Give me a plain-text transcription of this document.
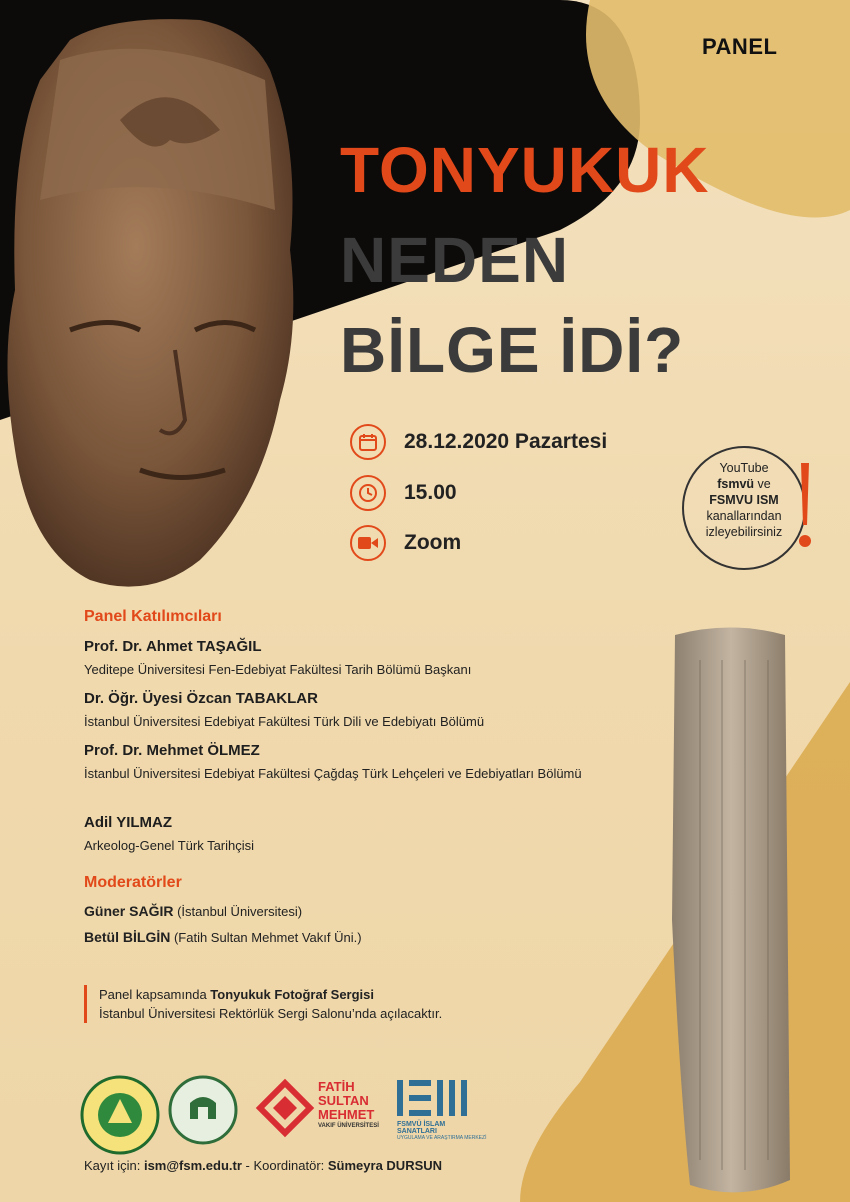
PANEL
TONYUKUK
NEDEN
BİLGE İDİ?
28.12.2020 Pazartesi
15.00
Zoom
YouTube
fsmvü ve
FSMVU ISM
kanallarından
izleyebilirsiniz
Panel Katılımcıları
Prof. Dr. Ahmet TAŞAĞIL
Yeditepe Üniversitesi Fen-Edebiyat Fakültesi Tarih Bölümü Başkanı
Dr. Öğr. Üyesi Özcan TABAKLAR
İstanbul Üniversitesi Edebiyat Fakültesi Türk Dili ve Edebiyatı Bölümü
Prof. Dr. Mehmet ÖLMEZ
İstanbul Üniversitesi Edebiyat Fakültesi Çağdaş Türk Lehçeleri ve Edebiyatları Bölümü
Adil YILMAZ
Arkeolog-Genel Türk Tarihçisi
Moderatörler
Güner SAĞIR (İstanbul Üniversitesi)
Betül BİLGİN (Fatih Sultan Mehmet Vakıf Üni.)
Panel kapsamında Tonyukuk Fotoğraf Sergisi
İstanbul Üniversitesi Rektörlük Sergi Salonu’nda açılacaktır.
FATİH
SULTAN
MEHMET
VAKIF ÜNİVERSİTESİ	FSMVÜ İSLAM SANATLARI
UYGULAMA VE ARAŞTIRMA MERKEZİ
Kayıt için: ism@fsm.edu.tr - Koordinatör: Sümeyra DURSUN
